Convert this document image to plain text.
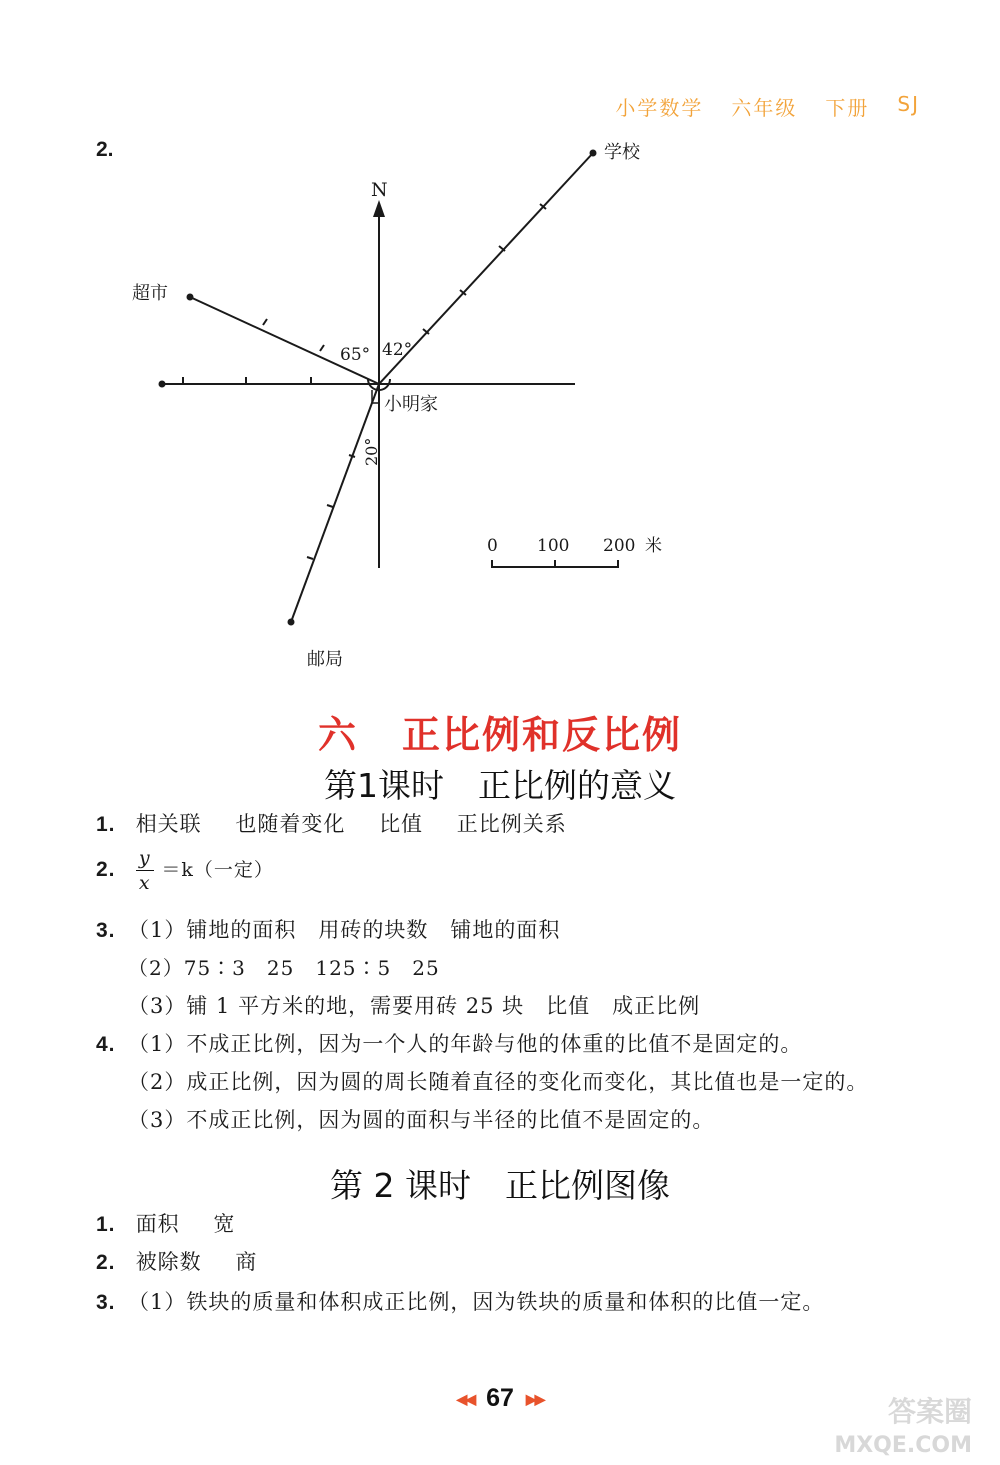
小学数学 六年级 下册 SJ
2.
N
学校
超市
小明家
邮局
65° 42°
20°
0 100 200 米
六 正比例和反比例
第1课时 正比例的意义
1. 相关联 也随着变化 比值 正比例关系
2. $\frac{y}{x} =k$（一定）
3. （1）铺地的面积　用砖的块数　铺地的面积
（2）75∶3　25　125∶5　25
（3）铺 1 平方米的地，需要用砖 25 块　比值　成正比例
4. （1）不成正比例，因为一个人的年龄与他的体重的比值不是固定的。
（2）成正比例，因为圆的周长随着直径的变化而变化，其比值也是一定的。
（3）不成正比例，因为圆的面积与半径的比值不是固定的。
第 2 课时 正比例图像
1. 面积 宽
2. 被除数 商
3. （1）铁块的质量和体积成正比例，因为铁块的质量和体积的比值一定。
◀◀ 67 ▶▶	答案圈
MXQE.COM
